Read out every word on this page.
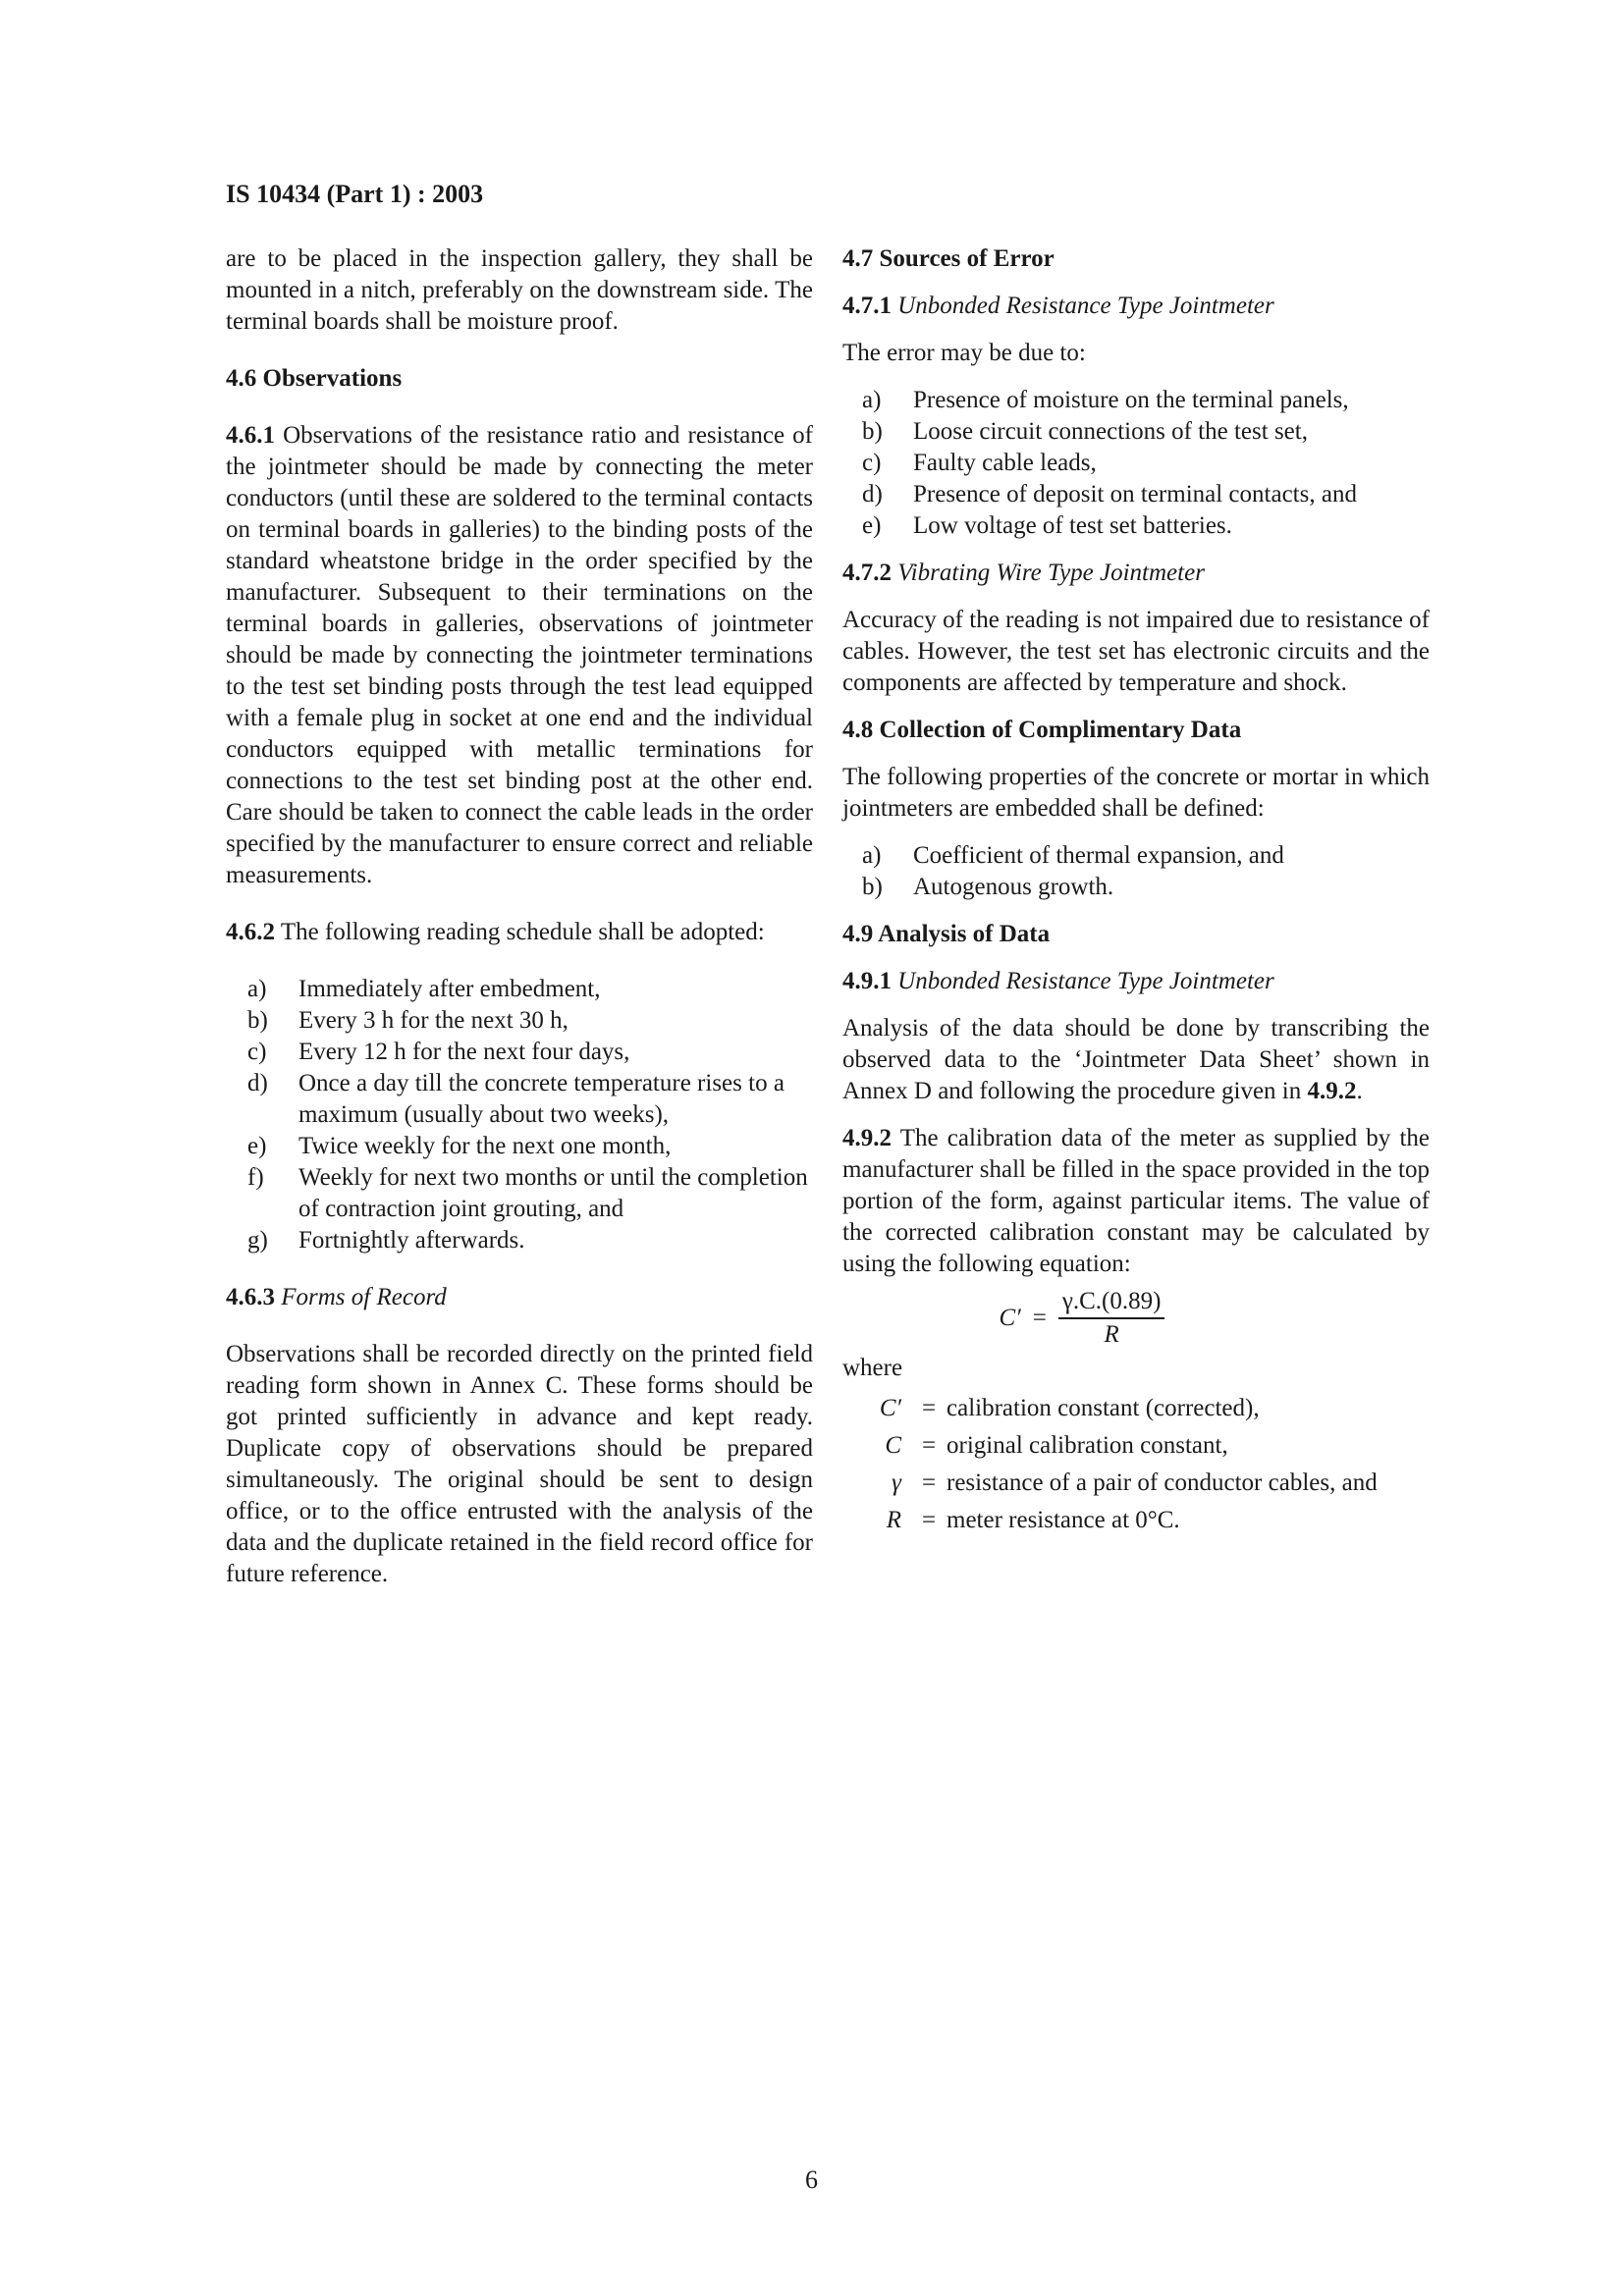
IS 10434 (Part 1) : 2003

are to be placed in the inspection gallery, they shall be mounted in a nitch, preferably on the downstream side. The terminal boards shall be moisture proof.

4.6 Observations

4.6.1 Observations of the resistance ratio and resistance of the jointmeter should be made by connecting the meter conductors (until these are soldered to the terminal contacts on terminal boards in galleries) to the binding posts of the standard wheatstone bridge in the order specified by the manufacturer. Subsequent to their terminations on the terminal boards in galleries, observations of jointmeter should be made by connecting the jointmeter terminations to the test set binding posts through the test lead equipped with a female plug in socket at one end and the individual conductors equipped with metallic terminations for connections to the test set binding post at the other end. Care should be taken to connect the cable leads in the order specified by the manufacturer to ensure correct and reliable measurements.

4.6.2 The following reading schedule shall be adopted:

a)	Immediately after embedment,
b)	Every 3 h for the next 30 h,
c)	Every 12 h for the next four days,
d)	Once a day till the concrete temperature rises to a maximum (usually about two weeks),
e)	Twice weekly for the next one month,
f)	Weekly for next two months or until the completion of contraction joint grouting, and
g)	Fortnightly afterwards.

4.6.3 Forms of Record

Observations shall be recorded directly on the printed field reading form shown in Annex C. These forms should be got printed sufficiently in advance and kept ready. Duplicate copy of observations should be prepared simultaneously. The original should be sent to design office, or to the office entrusted with the analysis of the data and the duplicate retained in the field record office for future reference.

4.7 Sources of Error

4.7.1 Unbonded Resistance Type Jointmeter

The error may be due to:

a)	Presence of moisture on the terminal panels,
b)	Loose circuit connections of the test set,
c)	Faulty cable leads,
d)	Presence of deposit on terminal contacts, and
e)	Low voltage of test set batteries.

4.7.2 Vibrating Wire Type Jointmeter

Accuracy of the reading is not impaired due to resistance of cables. However, the test set has electronic circuits and the components are affected by temperature and shock.

4.8 Collection of Complimentary Data

The following properties of the concrete or mortar in which jointmeters are embedded shall be defined:

a)	Coefficient of thermal expansion, and
b)	Autogenous growth.
4.9 Analysis of Data

4.9.1 Unbonded Resistance Type Jointmeter

Analysis of the data should be done by transcribing the observed data to the ‘Jointmeter Data Sheet’ shown in Annex D and following the procedure given in 4.9.2.

4.9.2 The calibration data of the meter as supplied by the manufacturer shall be filled in the space provided in the top portion of the form, against particular items. The value of the corrected calibration constant may be calculated by using the following equation:

$C' = \frac{\gamma.C.(0.89)}{R}$

where

C′ = calibration constant (corrected),
C = original calibration constant,
γ = resistance of a pair of conductor cables, and
R = meter resistance at 0°C.
6
